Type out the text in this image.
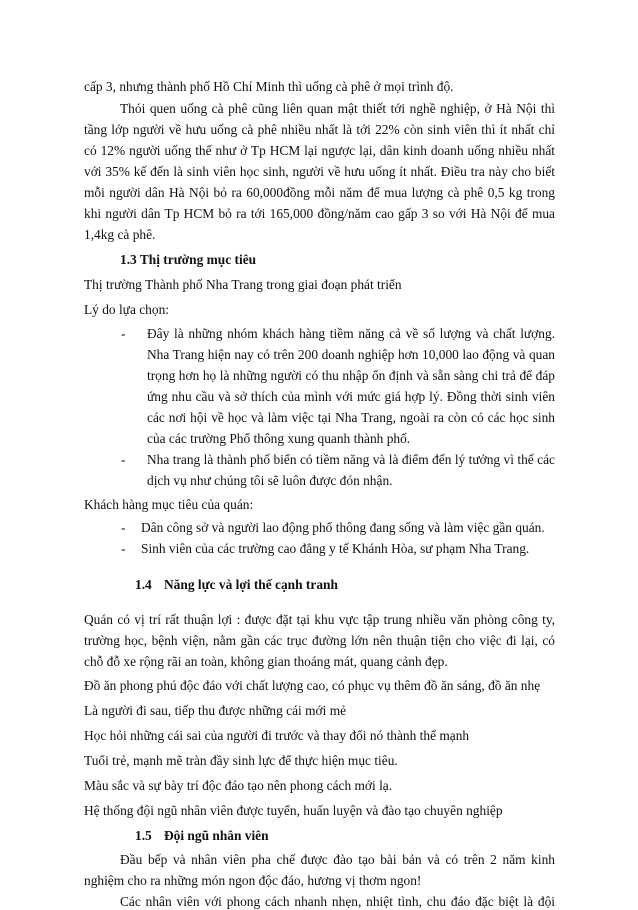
cấp 3, nhưng thành phố Hồ Chí Minh thì uống cà phê ở mọi trình độ.
Thói quen uống cà phê cũng liên quan mật thiết tới nghề nghiệp, ở Hà Nội thì
tầng lớp người về hưu uống cà phê nhiều nhất là tới 22% còn sinh viên thì ít nhất chỉ
có 12% người uống thế như ở Tp HCM lại ngược lại, dân kinh doanh uống nhiều nhất
với 35% kế đến là sinh viên học sinh, người về hưu uống ít nhất. Điều tra này cho biết
mỗi người dân Hà Nội bỏ ra 60,000đồng mỗi năm để mua lượng cà phê 0,5 kg trong
khi người dân Tp HCM bỏ ra tới 165,000 đồng/năm cao gấp 3 so với Hà Nội để mua
1,4kg cà phê.
1.3 Thị trường mục tiêu
Thị trường Thành phố Nha Trang trong giai đoạn phát triển
Lý do lựa chọn:
- Đây là những nhóm khách hàng tiềm năng cả về số lượng và chất lượng.
Nha Trang hiện nay có trên 200 doanh nghiệp hơn 10,000 lao động và quan
trọng hơn họ là những người có thu nhập ổn định và sẵn sàng chi trả để đáp
ứng nhu cầu và sở thích của mình với mức giá hợp lý. Đồng thời sinh viên
các nơi hội về học và làm việc tại Nha Trang, ngoài ra còn có các học sinh
của các trường Phổ thông xung quanh thành phố.
- Nha trang là thành phố biển có tiềm năng và là điểm đến lý tưởng vì thế các
dịch vụ như chúng tôi sẽ luôn được đón nhận.
Khách hàng mục tiêu của quán:
- Dân công sở và người lao động phổ thông đang sống và làm việc gần quán.
- Sinh viên của các trường cao đẳng y tế Khánh Hòa, sư phạm Nha Trang.
1.4 Năng lực và lợi thế cạnh tranh
Quán có vị trí rất thuận lợi : được đặt tại khu vực tập trung nhiều văn phòng công ty,
trường học, bệnh viện, nằm gần các trục đường lớn nên thuận tiện cho việc đi lại, có
chỗ đỗ xe rộng rãi an toàn, không gian thoáng mát, quang cảnh đẹp.
Đồ ăn phong phú độc đáo với chất lượng cao, có phục vụ thêm đồ ăn sáng, đồ ăn nhẹ
Là người đi sau, tiếp thu được những cái mới mẻ
Học hỏi những cái sai của người đi trước và thay đổi nó thành thế mạnh
Tuổi trẻ, mạnh mẽ tràn đầy sinh lực để thực hiện mục tiêu.
Màu sắc và sự bày trí độc đáo tạo nên phong cách mới lạ.
Hệ thống đội ngũ nhân viên được tuyển, huấn luyện và đào tạo chuyên nghiệp
1.5 Đội ngũ nhân viên
Đầu bếp và nhân viên pha chế được đào tạo bài bản và có trên 2 năm kinh
nghiệm cho ra những món ngon độc đáo, hương vị thơm ngon!
Các nhân viên với phong cách nhanh nhẹn, nhiệt tình, chu đáo đặc biệt là đội
